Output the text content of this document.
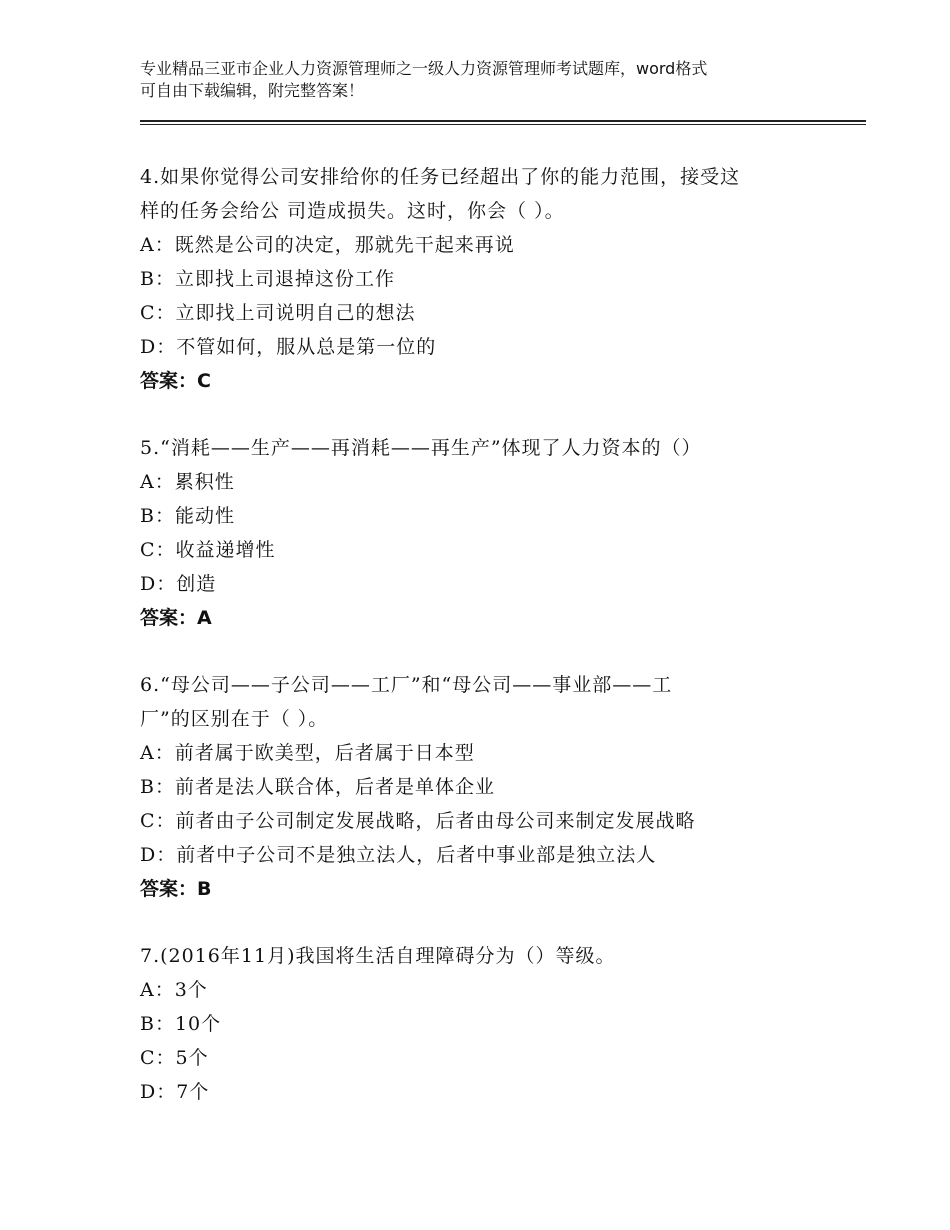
专业精品三亚市企业人力资源管理师之一级人力资源管理师考试题库，word格式
可自由下载编辑，附完整答案！
4.如果你觉得公司安排给你的任务已经超出了你的能力范围，接受这
样的任务会给公 司造成损失。这时，你会（ ）。
A：既然是公司的决定，那就先干起来再说
B：立即找上司退掉这份工作
C：立即找上司说明自己的想法
D：不管如何，服从总是第一位的
答案：C
5.“消耗——生产——再消耗——再生产”体现了人力资本的（）
A：累积性
B：能动性
C：收益递增性
D：创造
答案：A
6.“母公司——子公司——工厂”和“母公司——事业部——工
厂”的区别在于（ ）。
A：前者属于欧美型，后者属于日本型
B：前者是法人联合体，后者是单体企业
C：前者由子公司制定发展战略，后者由母公司来制定发展战略
D：前者中子公司不是独立法人，后者中事业部是独立法人
答案：B
7.(2016年11月)我国将生活自理障碍分为（）等级。
A：3个
B：10个
C：5个
D：7个
